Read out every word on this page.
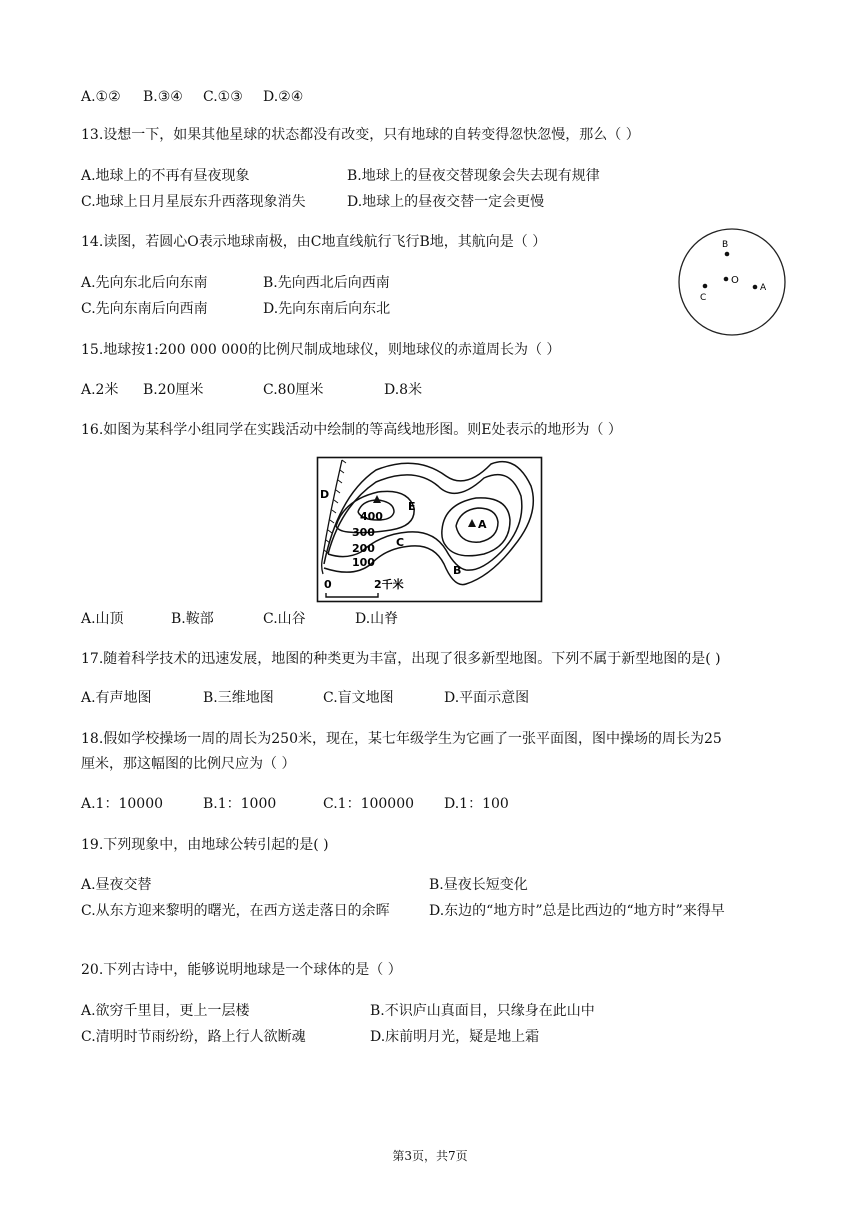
A.①② B.③④ C.①③ D.②④
13.设想一下，如果其他星球的状态都没有改变，只有地球的自转变得忽快忽慢，那么（ ）
A.地球上的不再有昼夜现象	B.地球上的昼夜交替现象会失去现有规律
C.地球上日月星辰东升西落现象消失	D.地球上的昼夜交替一定会更慢
14.读图，若圆心O表示地球南极，由C地直线航行飞行B地，其航向是（ ）
A.先向东北后向东南	B.先向西北后向西南
C.先向东南后向西南	D.先向东南后向东北
B
O
A
C
15.地球按1:200 000 000的比例尺制成地球仪，则地球仪的赤道周长为（ ）
A.2米 B.20厘米	C.80厘米	D.8米
16.如图为某科学小组同学在实践活动中绘制的等高线地形图。则E处表示的地形为（ ）
D
E
C
B
A
400
300
200
100
0	2千米
A.山顶	B.鞍部	C.山谷	D.山脊
17.随着科学技术的迅速发展，地图的种类更为丰富，出现了很多新型地图。下列不属于新型地图的是( )
A.有声地图	B.三维地图	C.盲文地图	D.平面示意图
18.假如学校操场一周的周长为250米，现在，某七年级学生为它画了一张平面图，图中操场的周长为25
厘米，那这幅图的比例尺应为（ ）
A.1：10000	B.1：1000	C.1：100000 D.1：100
19.下列现象中，由地球公转引起的是( )
A.昼夜交替	B.昼夜长短变化
C.从东方迎来黎明的曙光，在西方送走落日的余晖	D.东边的“地方时”总是比西边的“地方时”来得早
20.下列古诗中，能够说明地球是一个球体的是（ ）
A.欲穷千里目，更上一层楼	B.不识庐山真面目，只缘身在此山中
C.清明时节雨纷纷，路上行人欲断魂	D.床前明月光，疑是地上霜
第3页，共7页
